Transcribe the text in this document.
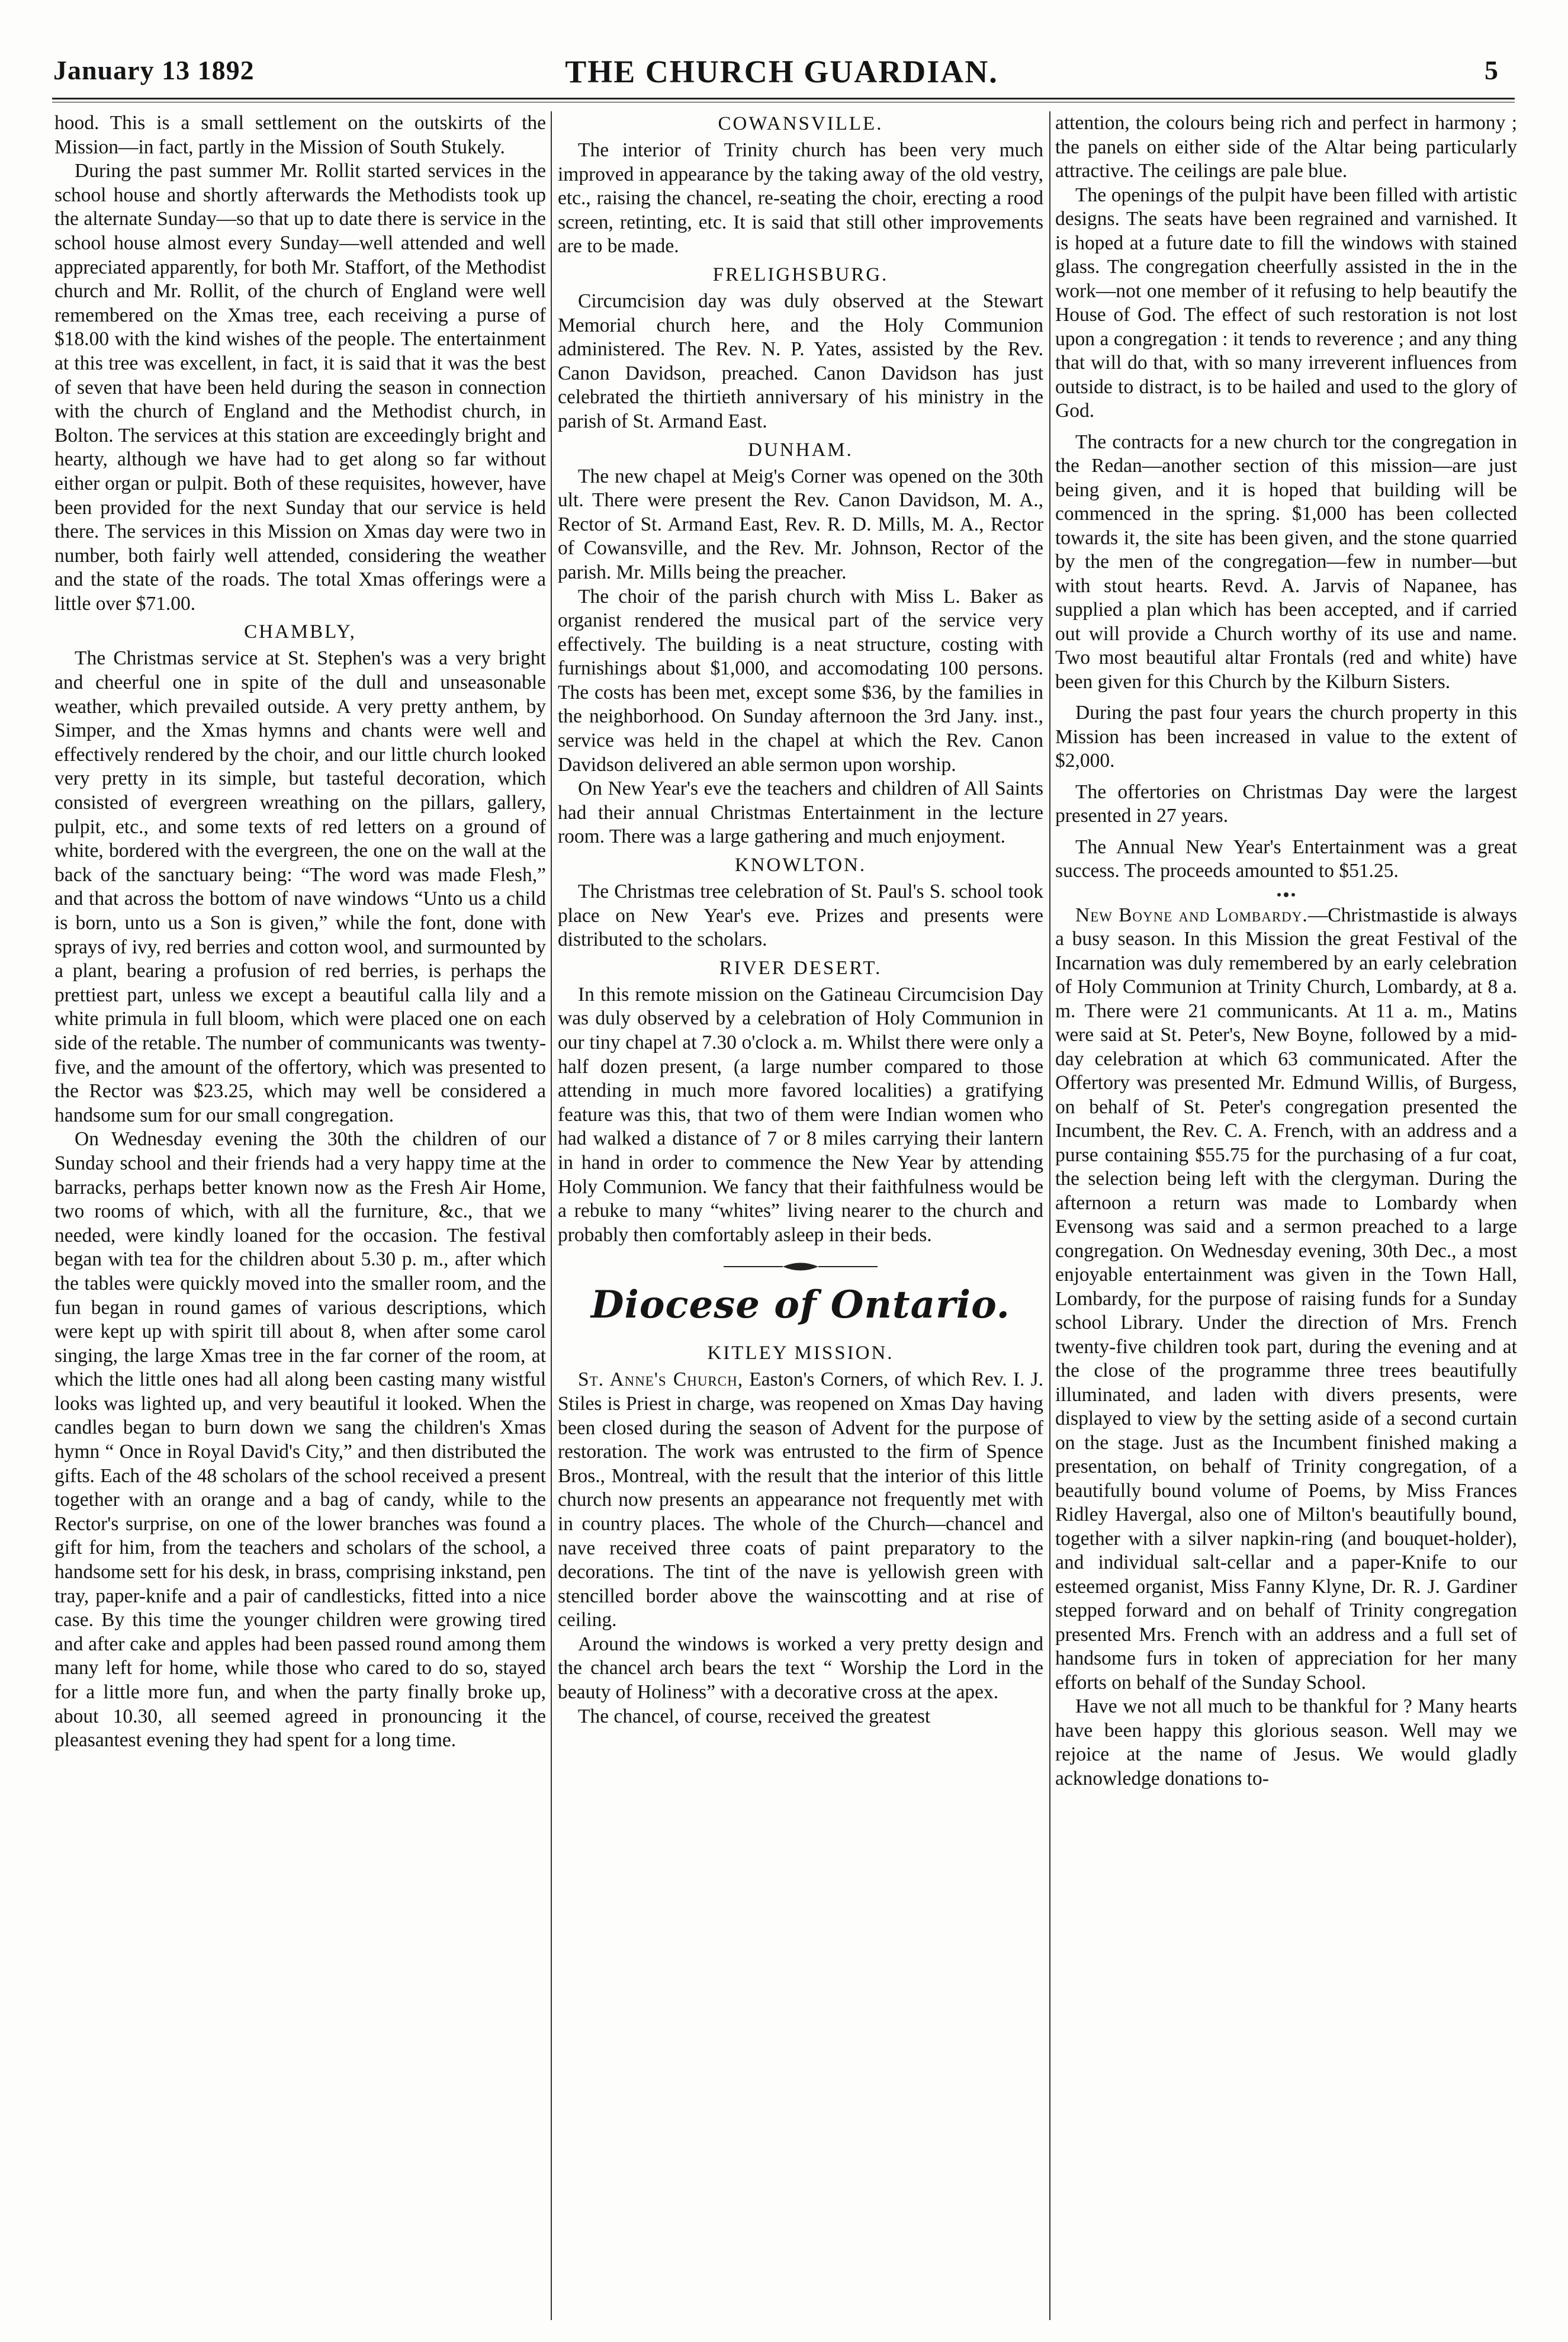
January 13 1892	THE CHURCH GUARDIAN.	5

hood. This is a small settlement on the outskirts of the Mission—in fact, partly in the Mission of South Stukely.

During the past summer Mr. Rollit started services in the school house and shortly afterwards the Methodists took up the alternate Sunday—so that up to date there is service in the school house almost every Sunday—well attended and well appreciated apparently, for both Mr. Staffort, of the Methodist church and Mr. Rollit, of the church of England were well remembered on the Xmas tree, each receiving a purse of $18.00 with the kind wishes of the people. The entertainment at this tree was excellent, in fact, it is said that it was the best of seven that have been held during the season in connection with the church of England and the Methodist church, in Bolton. The services at this station are exceedingly bright and hearty, although we have had to get along so far without either organ or pulpit. Both of these requisites, however, have been provided for the next Sunday that our service is held there. The services in this Mission on Xmas day were two in number, both fairly well attended, considering the weather and the state of the roads. The total Xmas offerings were a little over $71.00.

CHAMBLY,

The Christmas service at St. Stephen's was a very bright and cheerful one in spite of the dull and unseasonable weather, which prevailed outside. A very pretty anthem, by Simper, and the Xmas hymns and chants were well and effectively rendered by the choir, and our little church looked very pretty in its simple, but tasteful decoration, which consisted of evergreen wreathing on the pillars, gallery, pulpit, etc., and some texts of red letters on a ground of white, bordered with the evergreen, the one on the wall at the back of the sanctuary being: “The word was made Flesh,” and that across the bottom of nave windows “Unto us a child is born, unto us a Son is given,” while the font, done with sprays of ivy, red berries and cotton wool, and surmounted by a plant, bearing a profusion of red berries, is perhaps the prettiest part, unless we except a beautiful calla lily and a white primula in full bloom, which were placed one on each side of the retable. The number of communicants was twenty-five, and the amount of the offertory, which was presented to the Rector was $23.25, which may well be considered a handsome sum for our small congregation.

On Wednesday evening the 30th the children of our Sunday school and their friends had a very happy time at the barracks, perhaps better known now as the Fresh Air Home, two rooms of which, with all the furniture, &c., that we needed, were kindly loaned for the occasion. The festival began with tea for the children about 5.30 p. m., after which the tables were quickly moved into the smaller room, and the fun began in round games of various descriptions, which were kept up with spirit till about 8, when after some carol singing, the large Xmas tree in the far corner of the room, at which the little ones had all along been casting many wistful looks was lighted up, and very beautiful it looked. When the candles began to burn down we sang the children's Xmas hymn “ Once in Royal David's City,” and then distributed the gifts. Each of the 48 scholars of the school received a present together with an orange and a bag of candy, while to the Rector's surprise, on one of the lower branches was found a gift for him, from the teachers and scholars of the school, a handsome sett for his desk, in brass, comprising inkstand, pen tray, paper-knife and a pair of candlesticks, fitted into a nice case. By this time the younger children were growing tired and after cake and apples had been passed round among them many left for home, while those who cared to do so, stayed for a little more fun, and when the party finally broke up, about 10.30, all seemed agreed in pronouncing it the pleasantest evening they had spent for a long time.

COWANSVILLE.

The interior of Trinity church has been very much improved in appearance by the taking away of the old vestry, etc., raising the chancel, re-seating the choir, erecting a rood screen, retinting, etc. It is said that still other improvements are to be made.

FRELIGHSBURG.

Circumcision day was duly observed at the Stewart Memorial church here, and the Holy Communion administered. The Rev. N. P. Yates, assisted by the Rev. Canon Davidson, preached. Canon Davidson has just celebrated the thirtieth anniversary of his ministry in the parish of St. Armand East.

DUNHAM.

The new chapel at Meig's Corner was opened on the 30th ult. There were present the Rev. Canon Davidson, M. A., Rector of St. Armand East, Rev. R. D. Mills, M. A., Rector of Cowansville, and the Rev. Mr. Johnson, Rector of the parish. Mr. Mills being the preacher.

The choir of the parish church with Miss L. Baker as organist rendered the musical part of the service very effectively. The building is a neat structure, costing with furnishings about $1,000, and accomodating 100 persons. The costs has been met, except some $36, by the families in the neighborhood. On Sunday afternoon the 3rd Jany. inst., service was held in the chapel at which the Rev. Canon Davidson delivered an able sermon upon worship.

On New Year's eve the teachers and children of All Saints had their annual Christmas Entertainment in the lecture room. There was a large gathering and much enjoyment.

KNOWLTON.

The Christmas tree celebration of St. Paul's S. school took place on New Year's eve. Prizes and presents were distributed to the scholars.

RIVER DESERT.

In this remote mission on the Gatineau Circumcision Day was duly observed by a celebration of Holy Communion in our tiny chapel at 7.30 o'clock a. m. Whilst there were only a half dozen present, (a large number compared to those attending in much more favored localities) a gratifying feature was this, that two of them were Indian women who had walked a distance of 7 or 8 miles carrying their lantern in hand in order to commence the New Year by attending Holy Communion. We fancy that their faithfulness would be a rebuke to many “whites” living nearer to the church and probably then comfortably asleep in their beds.

Diocese of Ontario.
KITLEY MISSION.

St. Anne's Church, Easton's Corners, of which Rev. I. J. Stiles is Priest in charge, was reopened on Xmas Day having been closed during the season of Advent for the purpose of restoration. The work was entrusted to the firm of Spence Bros., Montreal, with the result that the interior of this little church now presents an appearance not frequently met with in country places. The whole of the Church—chancel and nave received three coats of paint preparatory to the decorations. The tint of the nave is yellowish green with stencilled border above the wainscotting and at rise of ceiling.

Around the windows is worked a very pretty design and the chancel arch bears the text “ Worship the Lord in the beauty of Holiness” with a decorative cross at the apex.

The chancel, of course, received the greatest

attention, the colours being rich and perfect in harmony ; the panels on either side of the Altar being particularly attractive. The ceilings are pale blue.

The openings of the pulpit have been filled with artistic designs. The seats have been regrained and varnished. It is hoped at a future date to fill the windows with stained glass. The congregation cheerfully assisted in the in the work—not one member of it refusing to help beautify the House of God. The effect of such restoration is not lost upon a congregation : it tends to reverence ; and any thing that will do that, with so many irreverent influences from outside to distract, is to be hailed and used to the glory of God.

The contracts for a new church tor the congregation in the Redan—another section of this mission—are just being given, and it is hoped that building will be commenced in the spring. $1,000 has been collected towards it, the site has been given, and the stone quarried by the men of the congregation—few in number—but with stout hearts. Revd. A. Jarvis of Napanee, has supplied a plan which has been accepted, and if carried out will provide a Church worthy of its use and name. Two most beautiful altar Frontals (red and white) have been given for this Church by the Kilburn Sisters.

During the past four years the church property in this Mission has been increased in value to the extent of $2,000.

The offertories on Christmas Day were the largest presented in 27 years.

The Annual New Year's Entertainment was a great success. The proceeds amounted to $51.25.

New Boyne and Lombardy.—Christmastide is always a busy season. In this Mission the great Festival of the Incarnation was duly remembered by an early celebration of Holy Communion at Trinity Church, Lombardy, at 8 a. m. There were 21 communicants. At 11 a. m., Matins were said at St. Peter's, New Boyne, followed by a mid-day celebration at which 63 communicated. After the Offertory was presented Mr. Edmund Willis, of Burgess, on behalf of St. Peter's congregation presented the Incumbent, the Rev. C. A. French, with an address and a purse containing $55.75 for the purchasing of a fur coat, the selection being left with the clergyman. During the afternoon a return was made to Lombardy when Evensong was said and a sermon preached to a large congregation. On Wednesday evening, 30th Dec., a most enjoyable entertainment was given in the Town Hall, Lombardy, for the purpose of raising funds for a Sunday school Library. Under the direction of Mrs. French twenty-five children took part, during the evening and at the close of the programme three trees beautifully illuminated, and laden with divers presents, were displayed to view by the setting aside of a second curtain on the stage. Just as the Incumbent finished making a presentation, on behalf of Trinity congregation, of a beautifully bound volume of Poems, by Miss Frances Ridley Havergal, also one of Milton's beautifully bound, together with a silver napkin-ring (and bouquet-holder), and individual salt-cellar and a paper-Knife to our esteemed organist, Miss Fanny Klyne, Dr. R. J. Gardiner stepped forward and on behalf of Trinity congregation presented Mrs. French with an address and a full set of handsome furs in token of appreciation for her many efforts on behalf of the Sunday School.

Have we not all much to be thankful for ? Many hearts have been happy this glorious season. Well may we rejoice at the name of Jesus. We would gladly acknowledge donations to-
